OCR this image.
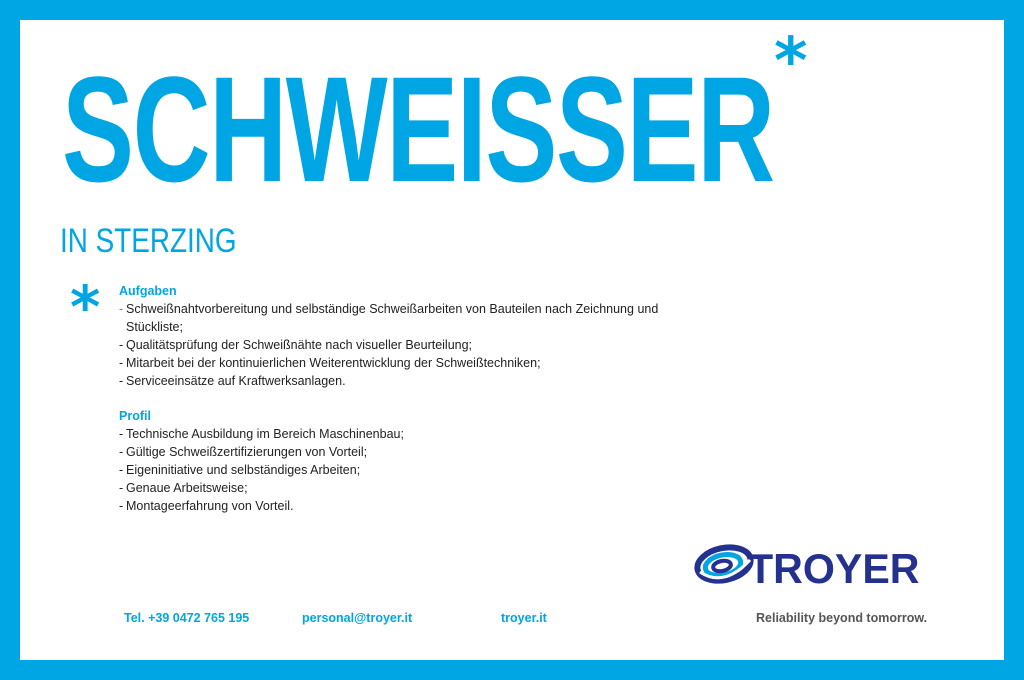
SCHWEISSER *
IN STERZING
* Aufgaben

- Schweißnahtvorbereitung und selbständige Schweißarbeiten von Bauteilen nach Zeichnung und Stückliste;
- Qualitätsprüfung der Schweißnähte nach visueller Beurteilung;
- Mitarbeit bei der kontinuierlichen Weiterentwicklung der Schweißtechniken;
- Serviceeinsätze auf Kraftwerksanlagen.

Profil

- Technische Ausbildung im Bereich Maschinenbau;
- Gültige Schweißzertifizierungen von Vorteil;
- Eigeninitiative und selbständiges Arbeiten;
- Genaue Arbeitsweise;
- Montageerfahrung von Vorteil.
TROYER
Tel. +39 0472 765 195	personal@troyer.it	troyer.it	Reliability beyond tomorrow.
